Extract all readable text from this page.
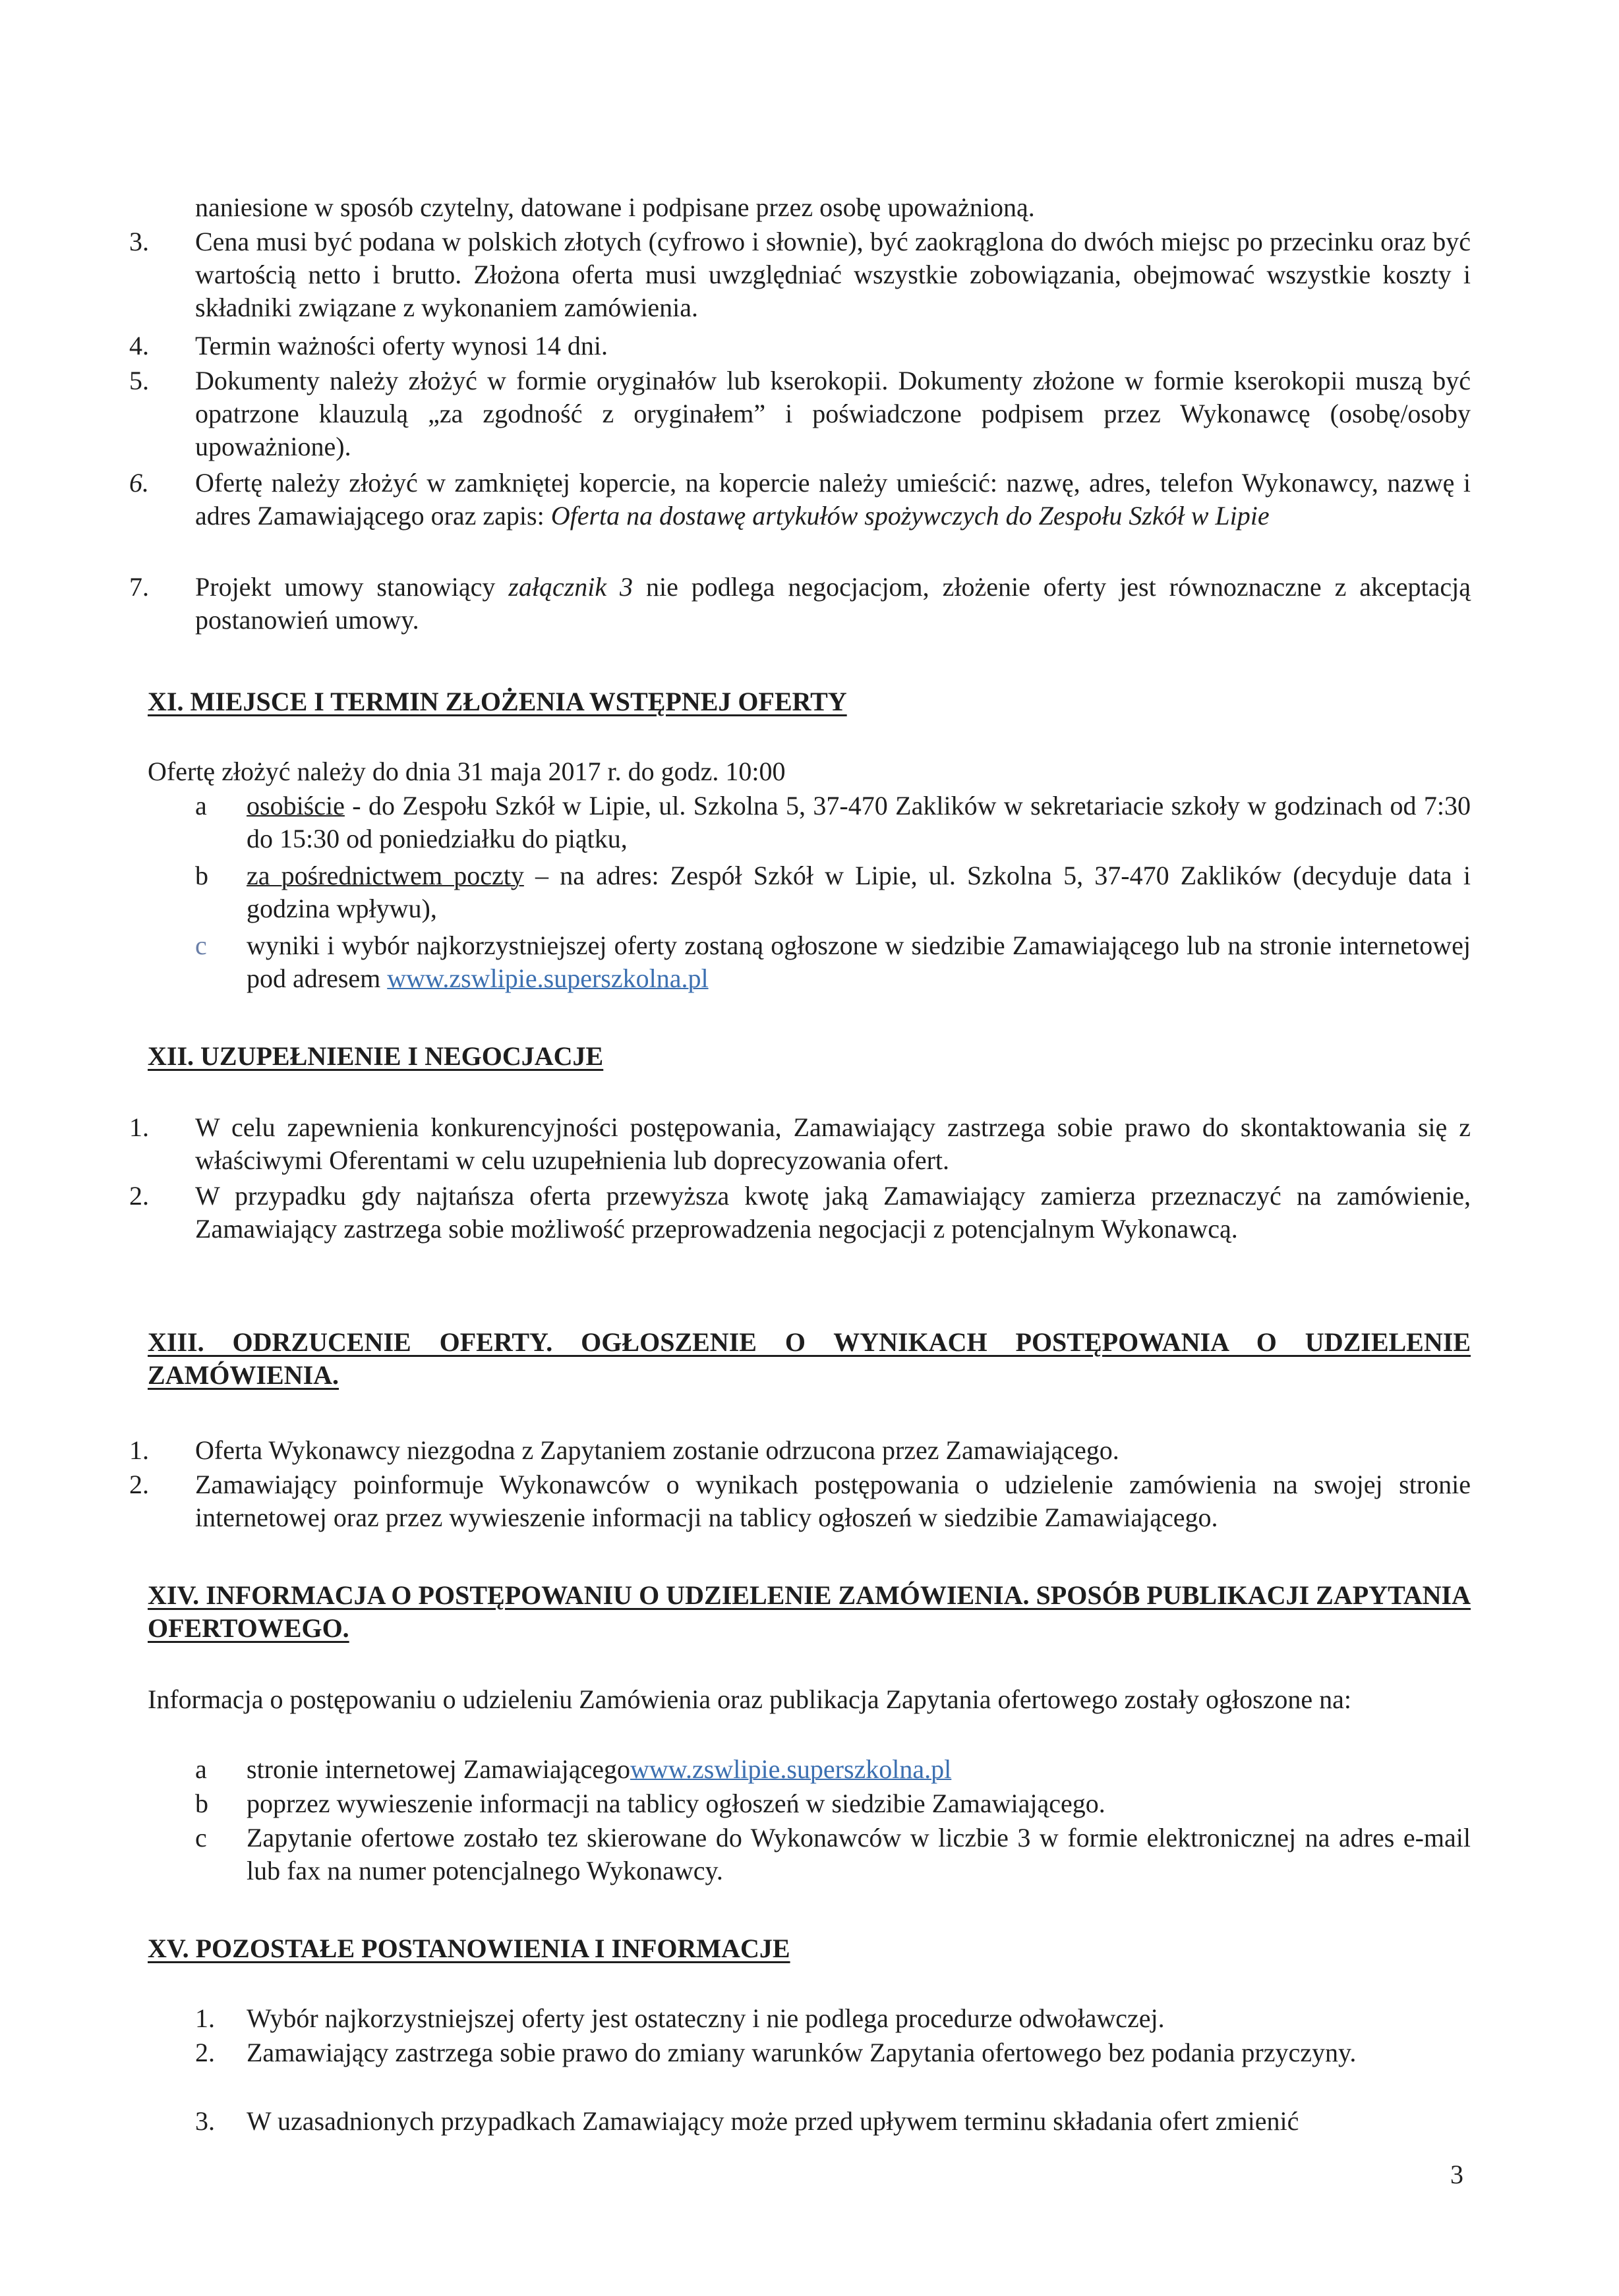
naniesione w sposób czytelny, datowane i podpisane przez osobę upoważnioną.
3. Cena musi być podana w polskich złotych (cyfrowo i słownie), być zaokrąglona do dwóch miejsc po przecinku oraz być wartością netto i brutto. Złożona oferta musi uwzględniać wszystkie zobowiązania, obejmować wszystkie koszty i składniki związane z wykonaniem zamówienia.
4. Termin ważności oferty wynosi 14 dni.
5. Dokumenty należy złożyć w formie oryginałów lub kserokopii. Dokumenty złożone w formie kserokopii muszą być opatrzone klauzulą „za zgodność z oryginałem” i poświadczone podpisem przez Wykonawcę (osobę/osoby upoważnione).
6. Ofertę należy złożyć w zamkniętej kopercie, na kopercie należy umieścić: nazwę, adres, telefon Wykonawcy, nazwę i adres Zamawiającego oraz zapis: Oferta na dostawę artykułów spożywczych do Zespołu Szkół w Lipie
7. Projekt umowy stanowiący załącznik 3 nie podlega negocjacjom, złożenie oferty jest równoznaczne z akceptacją postanowień umowy.
XI. MIEJSCE I TERMIN ZŁOŻENIA WSTĘPNEJ OFERTY
Ofertę złożyć należy do dnia 31 maja 2017 r. do godz. 10:00
a osobiście - do Zespołu Szkół w Lipie, ul. Szkolna 5, 37-470 Zaklików w sekretariacie szkoły w godzinach od 7:30 do 15:30 od poniedziałku do piątku,
b za pośrednictwem poczty – na adres: Zespół Szkół w Lipie, ul. Szkolna 5, 37-470 Zaklików (decyduje data i godzina wpływu),
c wyniki i wybór najkorzystniejszej oferty zostaną ogłoszone w siedzibie Zamawiającego lub na stronie internetowej pod adresem www.zswlipie.superszkolna.pl
XII. UZUPEŁNIENIE I NEGOCJACJE
1. W celu zapewnienia konkurencyjności postępowania, Zamawiający zastrzega sobie prawo do skontaktowania się z właściwymi Oferentami w celu uzupełnienia lub doprecyzowania ofert.
2. W przypadku gdy najtańsza oferta przewyższa kwotę jaką Zamawiający zamierza przeznaczyć na zamówienie, Zamawiający zastrzega sobie możliwość przeprowadzenia negocjacji z potencjalnym Wykonawcą.
XIII. ODRZUCENIE OFERTY. OGŁOSZENIE O WYNIKACH POSTĘPOWANIA O UDZIELENIE ZAMÓWIENIA.
1. Oferta Wykonawcy niezgodna z Zapytaniem zostanie odrzucona przez Zamawiającego.
2. Zamawiający poinformuje Wykonawców o wynikach postępowania o udzielenie zamówienia na swojej stronie internetowej oraz przez wywieszenie informacji na tablicy ogłoszeń w siedzibie Zamawiającego.
XIV. INFORMACJA O POSTĘPOWANIU O UDZIELENIE ZAMÓWIENIA. SPOSÓB PUBLIKACJI ZAPYTANIA OFERTOWEGO.
Informacja o postępowaniu o udzieleniu Zamówienia oraz publikacja Zapytania ofertowego zostały ogłoszone na:
a stronie internetowej Zamawiającegowww.zswlipie.superszkolna.pl
b poprzez wywieszenie informacji na tablicy ogłoszeń w siedzibie Zamawiającego.
c Zapytanie ofertowe zostało tez skierowane do Wykonawców w liczbie 3 w formie elektronicznej na adres e-mail lub fax na numer potencjalnego Wykonawcy.
XV. POZOSTAŁE POSTANOWIENIA I INFORMACJE
1. Wybór najkorzystniejszej oferty jest ostateczny i nie podlega procedurze odwoławczej.
2. Zamawiający zastrzega sobie prawo do zmiany warunków Zapytania ofertowego bez podania przyczyny.
3. W uzasadnionych przypadkach Zamawiający może przed upływem terminu składania ofert zmienić
3
